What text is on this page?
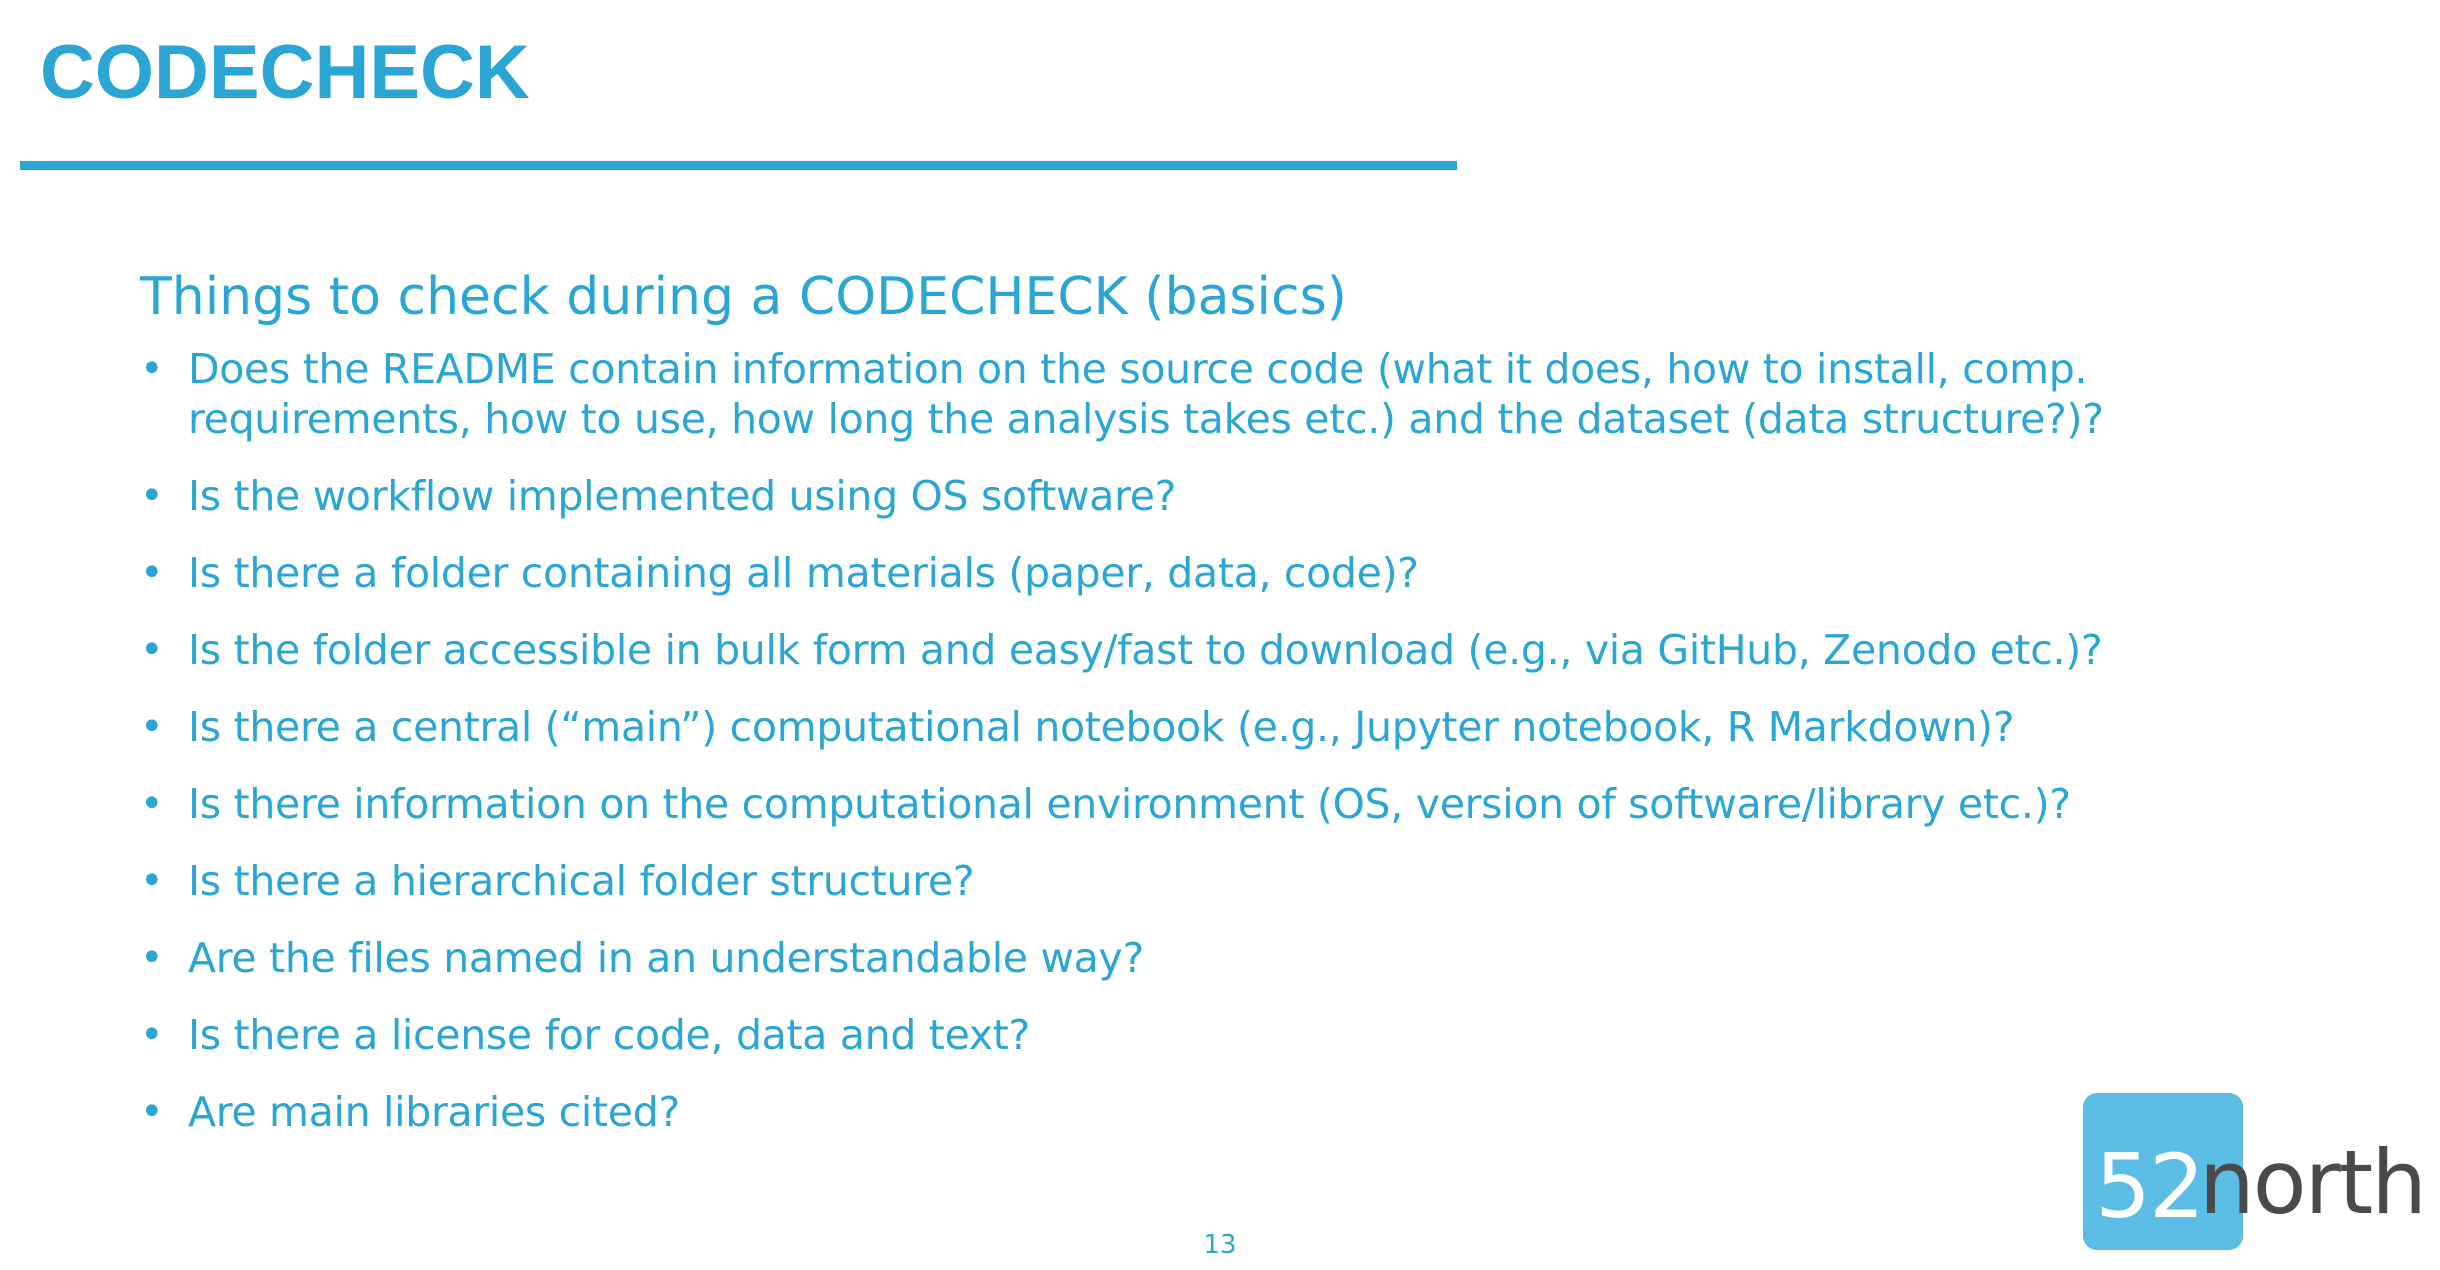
CODECHECK
Things to check during a CODECHECK (basics)
• Does the README contain information on the source code (what it does, how to install, comp. requirements, how to use, how long the analysis takes etc.) and the dataset (data structure?)?
• Is the workflow implemented using OS software?
• Is there a folder containing all materials (paper, data, code)?
• Is the folder accessible in bulk form and easy/fast to download (e.g., via GitHub, Zenodo etc.)?
• Is there a central (“main”) computational notebook (e.g., Jupyter notebook, R Markdown)?
• Is there information on the computational environment (OS, version of software/library etc.)?
• Is there a hierarchical folder structure?
• Are the files named in an understandable way?
• Is there a license for code, data and text?
• Are main libraries cited?
13
52
north
